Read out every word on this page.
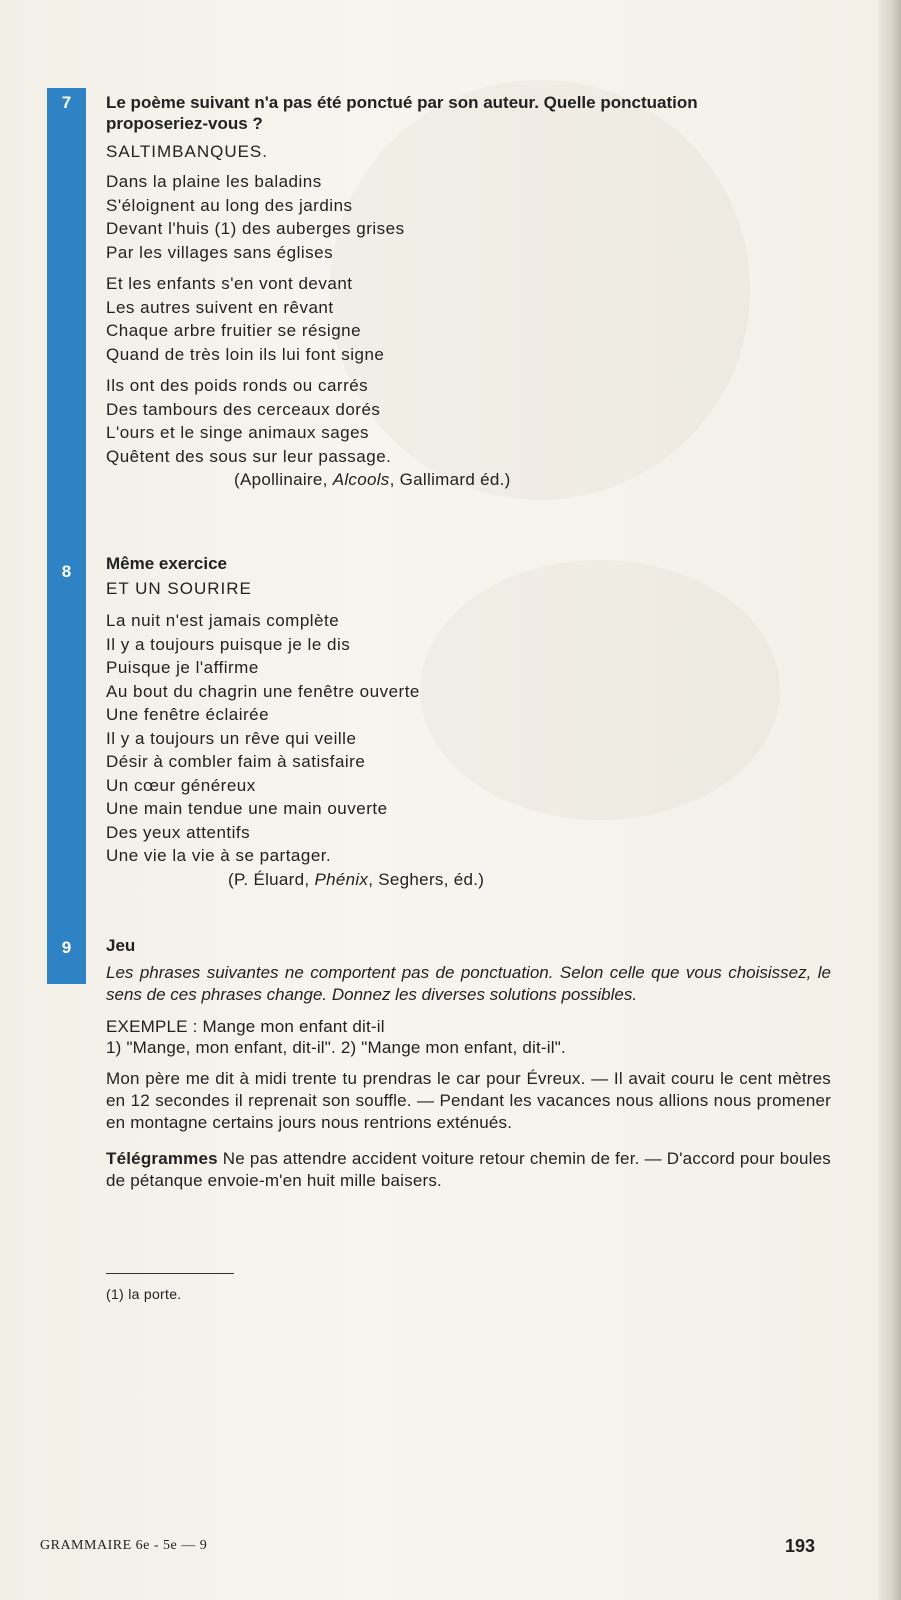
7	Le poème suivant n'a pas été ponctué par son auteur. Quelle ponctuation
proposeriez-vous ?
SALTIMBANQUES.
Dans la plaine les baladins
S'éloignent au long des jardins
Devant l'huis (1) des auberges grises
Par les villages sans églises
Et les enfants s'en vont devant
Les autres suivent en rêvant
Chaque arbre fruitier se résigne
Quand de très loin ils lui font signe
Ils ont des poids ronds ou carrés
Des tambours des cerceaux dorés
L'ours et le singe animaux sages
Quêtent des sous sur leur passage.
(Apollinaire, Alcools, Gallimard éd.)
8	Même exercice
ET UN SOURIRE
La nuit n'est jamais complète
Il y a toujours puisque je le dis
Puisque je l'affirme
Au bout du chagrin une fenêtre ouverte
Une fenêtre éclairée
Il y a toujours un rêve qui veille
Désir à combler faim à satisfaire
Un cœur généreux
Une main tendue une main ouverte
Des yeux attentifs
Une vie la vie à se partager.
(P. Éluard, Phénix, Seghers, éd.)
9	Jeu
Les phrases suivantes ne comportent pas de ponctuation. Selon celle que vous choisissez, le sens de ces phrases change. Donnez les diverses solutions possibles.
EXEMPLE : Mange mon enfant dit-il
1) "Mange, mon enfant, dit-il". 2) "Mange mon enfant, dit-il".
Mon père me dit à midi trente tu prendras le car pour Évreux. — Il avait couru le cent mètres en 12 secondes il reprenait son souffle. — Pendant les vacances nous allions nous promener en montagne certains jours nous rentrions exténués.
Télégrammes Ne pas attendre accident voiture retour chemin de fer. — D'accord pour boules de pétanque envoie-m'en huit mille baisers.
(1) la porte.
GRAMMAIRE 6e - 5e — 9	193
